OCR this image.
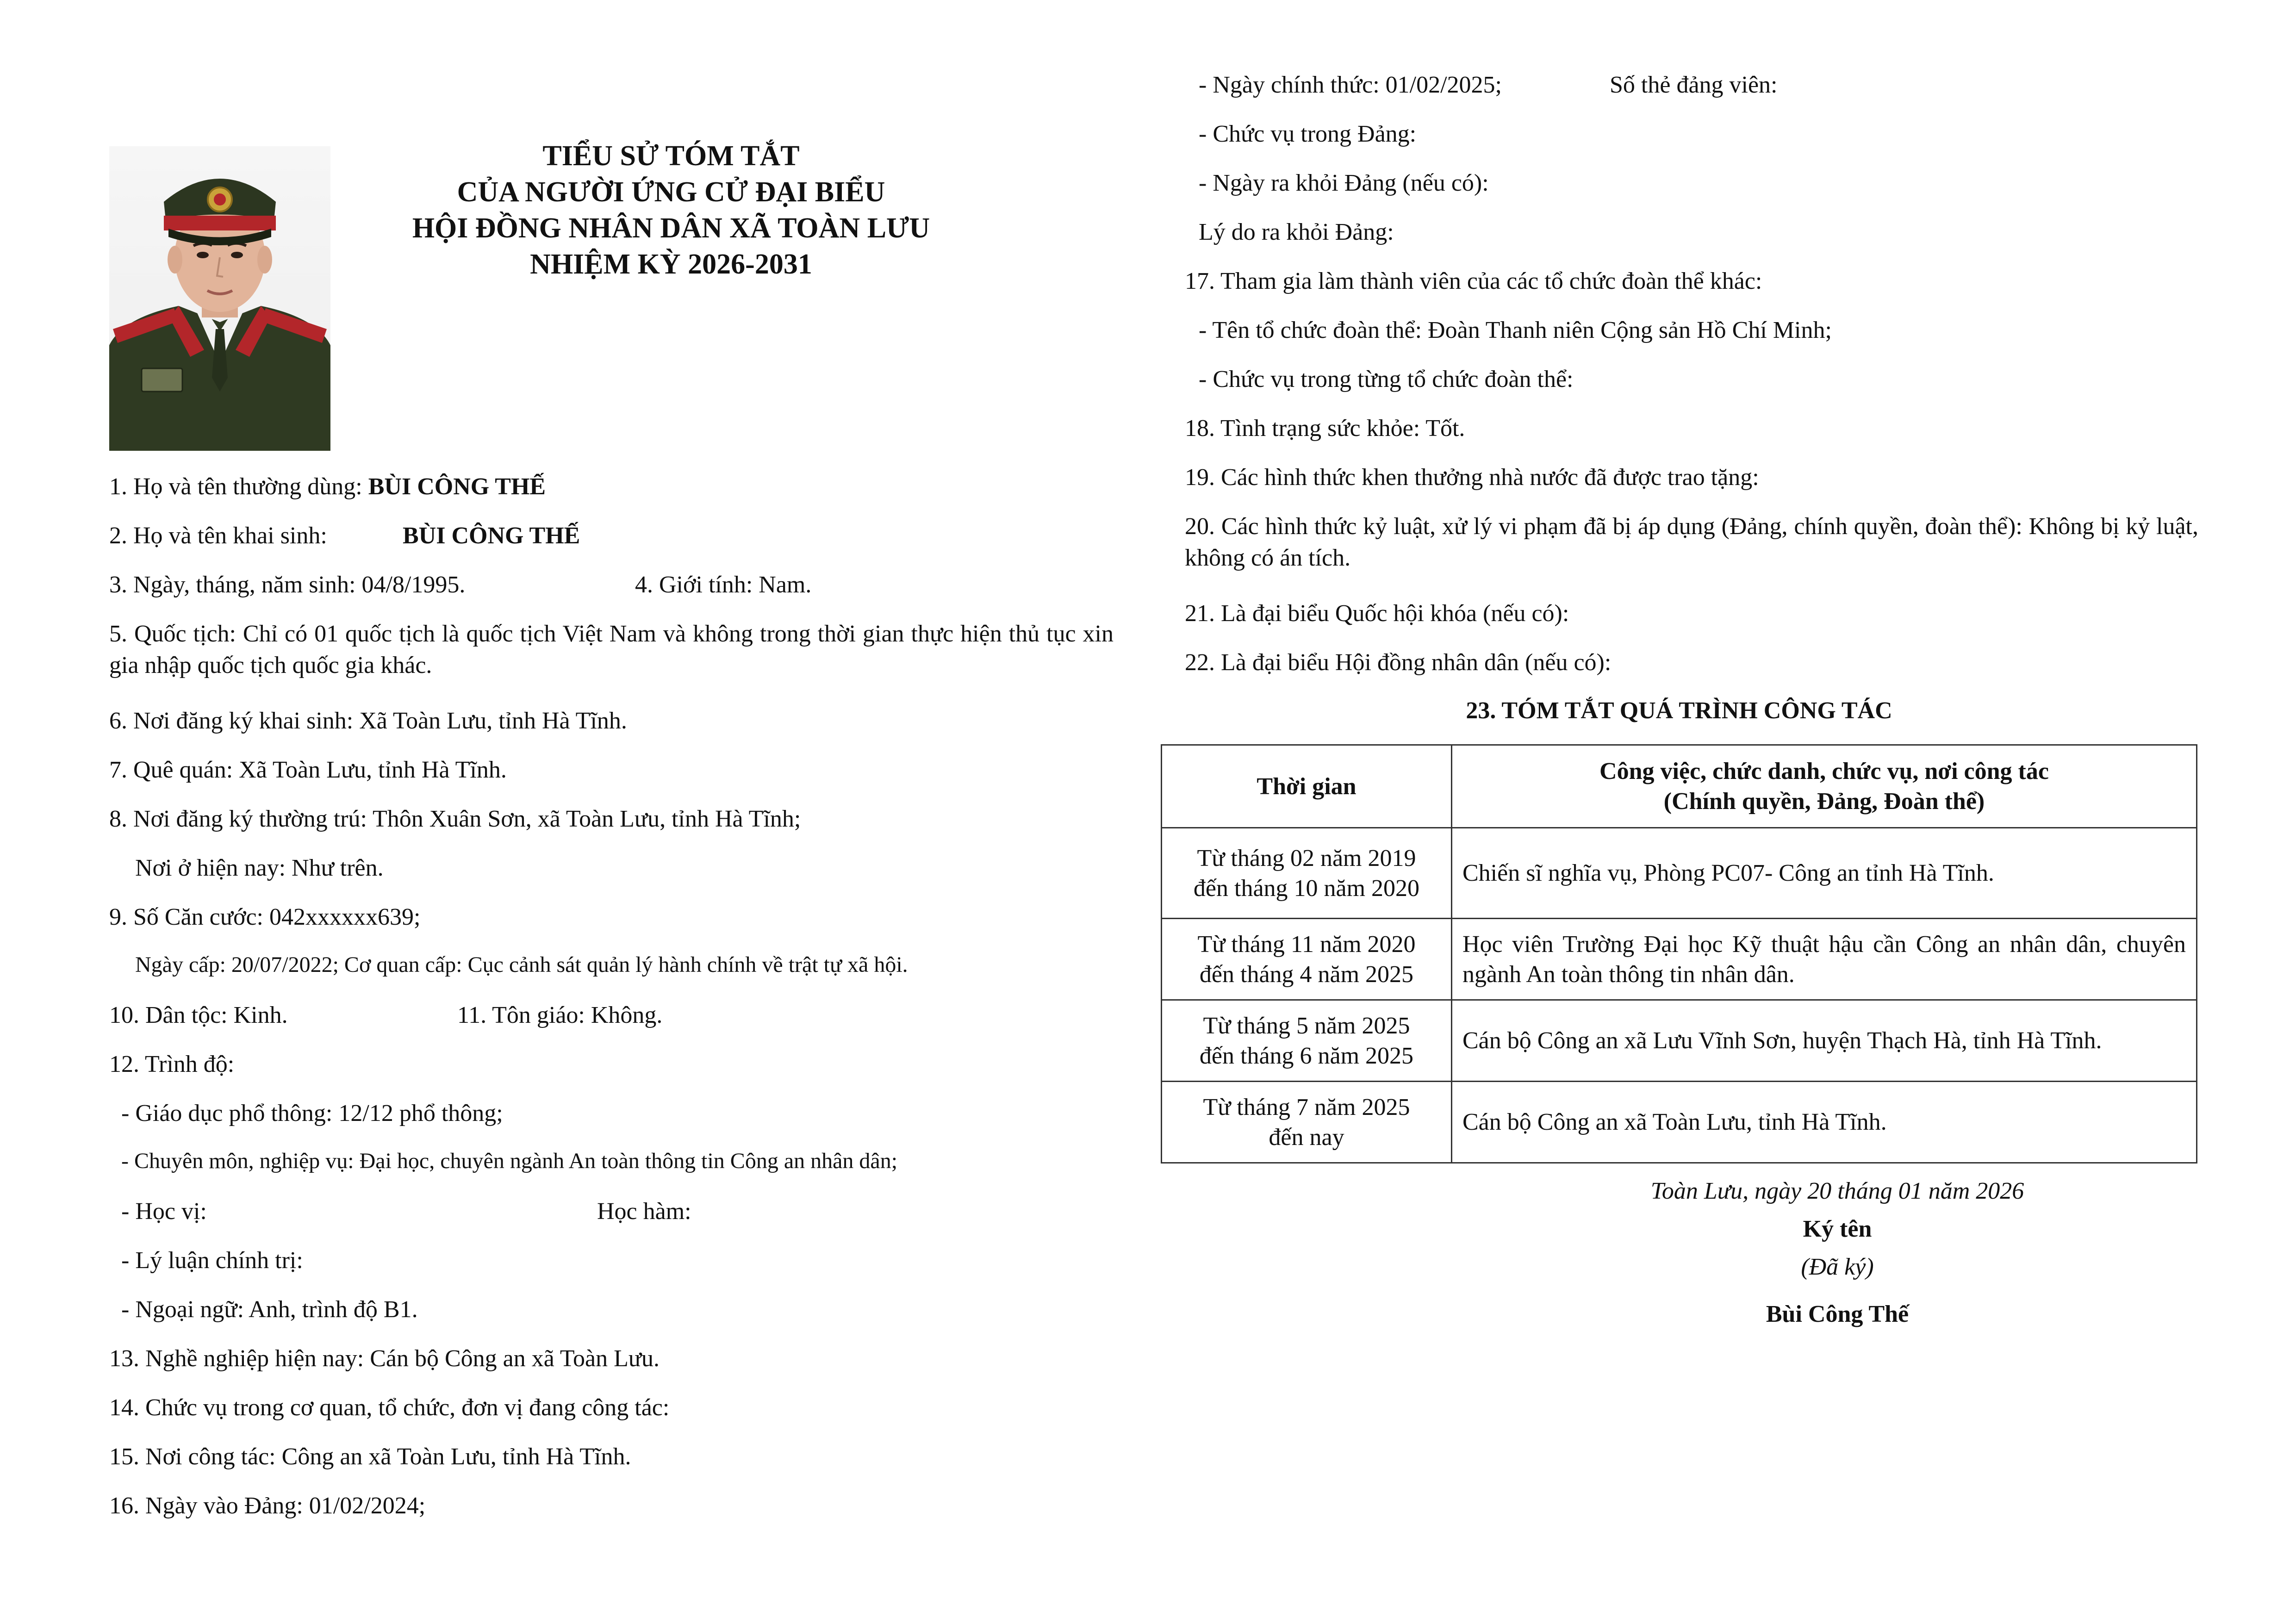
TIỂU SỬ TÓM TẮT
CỦA NGƯỜI ỨNG CỬ ĐẠI BIỂU
HỘI ĐỒNG NHÂN DÂN XÃ TOÀN LƯU
NHIỆM KỲ 2026-2031
1. Họ và tên thường dùng: BÙI CÔNG THẾ
2. Họ và tên khai sinh:	BÙI CÔNG THẾ
3. Ngày, tháng, năm sinh: 04/8/1995.	4. Giới tính: Nam.
5. Quốc tịch: Chỉ có 01 quốc tịch là quốc tịch Việt Nam và không trong thời gian thực hiện thủ tục xin gia nhập quốc tịch quốc gia khác.
6. Nơi đăng ký khai sinh: Xã Toàn Lưu, tỉnh Hà Tĩnh.
7. Quê quán: Xã Toàn Lưu, tỉnh Hà Tĩnh.
8. Nơi đăng ký thường trú: Thôn Xuân Sơn, xã Toàn Lưu, tỉnh Hà Tĩnh;
Nơi ở hiện nay: Như trên.
9. Số Căn cước: 042xxxxxx639;
Ngày cấp: 20/07/2022; Cơ quan cấp: Cục cảnh sát quản lý hành chính về trật tự xã hội.
10. Dân tộc: Kinh.	11. Tôn giáo: Không.
12. Trình độ:
- Giáo dục phổ thông: 12/12 phổ thông;
- Chuyên môn, nghiệp vụ: Đại học, chuyên ngành An toàn thông tin Công an nhân dân;
- Học vị:	Học hàm:
- Lý luận chính trị:
- Ngoại ngữ: Anh, trình độ B1.
13. Nghề nghiệp hiện nay: Cán bộ Công an xã Toàn Lưu.
14. Chức vụ trong cơ quan, tổ chức, đơn vị đang công tác:
15. Nơi công tác: Công an xã Toàn Lưu, tỉnh Hà Tĩnh.
16. Ngày vào Đảng: 01/02/2024;
- Ngày chính thức: 01/02/2025;	Số thẻ đảng viên:
- Chức vụ trong Đảng:
- Ngày ra khỏi Đảng (nếu có):
Lý do ra khỏi Đảng:
17. Tham gia làm thành viên của các tổ chức đoàn thể khác:
- Tên tổ chức đoàn thể: Đoàn Thanh niên Cộng sản Hồ Chí Minh;
- Chức vụ trong từng tổ chức đoàn thể:
18. Tình trạng sức khỏe: Tốt.
19. Các hình thức khen thưởng nhà nước đã được trao tặng:
20. Các hình thức kỷ luật, xử lý vi phạm đã bị áp dụng (Đảng, chính quyền, đoàn thể): Không bị kỷ luật, không có án tích.
21. Là đại biểu Quốc hội khóa (nếu có):
22. Là đại biểu Hội đồng nhân dân (nếu có):
23. TÓM TẮT QUÁ TRÌNH CÔNG TÁC
Thời gian	Công việc, chức danh, chức vụ, nơi công tác
(Chính quyền, Đảng, Đoàn thể)

Từ tháng 02 năm 2019
đến tháng 10 năm 2020	Chiến sĩ nghĩa vụ, Phòng PC07- Công an tỉnh Hà Tĩnh.

Từ tháng 11 năm 2020
đến tháng 4 năm 2025	Học viên Trường Đại học Kỹ thuật hậu cần Công an nhân dân, chuyên ngành An toàn thông tin nhân dân.

Từ tháng 5 năm 2025
đến tháng 6 năm 2025	Cán bộ Công an xã Lưu Vĩnh Sơn, huyện Thạch Hà, tỉnh Hà Tĩnh.

Từ tháng 7 năm 2025
đến nay	Cán bộ Công an xã Toàn Lưu, tỉnh Hà Tĩnh.
Toàn Lưu, ngày 20 tháng 01 năm 2026
Ký tên
(Đã ký)
Bùi Công Thế
